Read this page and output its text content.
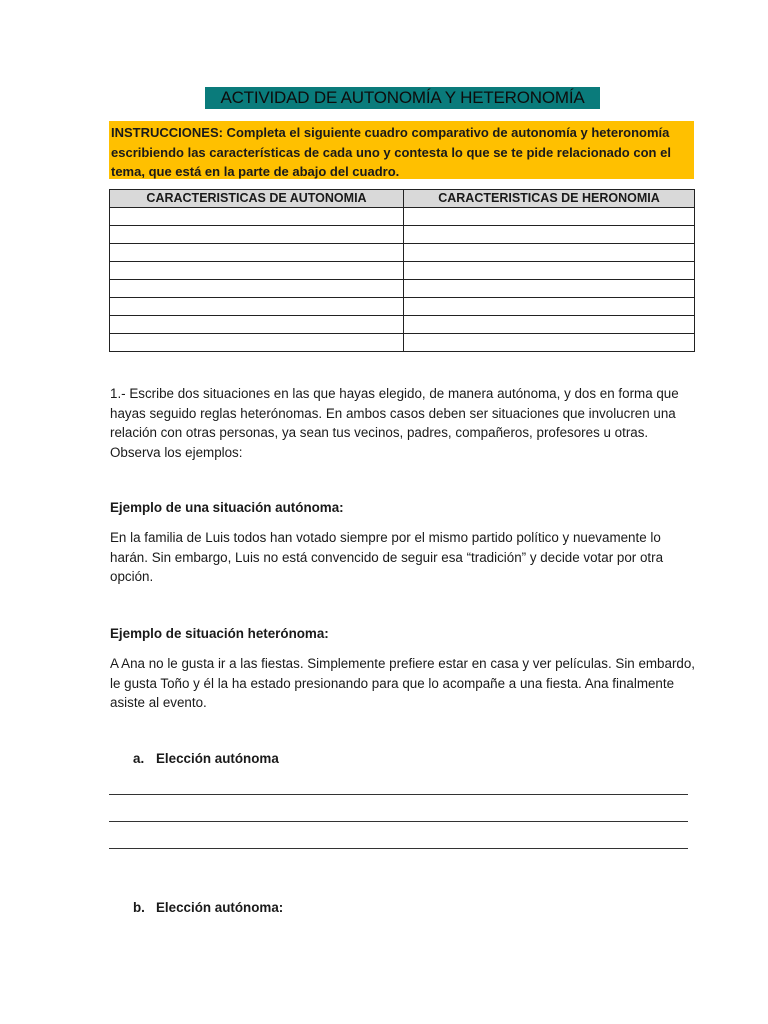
ACTIVIDAD DE AUTONOMÍA Y HETERONOMÍA
INSTRUCCIONES: Completa el siguiente cuadro comparativo de autonomía y heteronomía escribiendo las características de cada uno y contesta lo que se te pide relacionado con el tema, que está en la parte de abajo del cuadro.
CARACTERISTICAS DE AUTONOMIA	CARACTERISTICAS DE HERONOMIA

1.- Escribe dos situaciones en las que hayas elegido, de manera autónoma, y dos en forma que hayas seguido reglas heterónomas. En ambos casos deben ser situaciones que involucren una relación con otras personas, ya sean tus vecinos, padres, compañeros, profesores u otras. Observa los ejemplos:
Ejemplo de una situación autónoma:
En la familia de Luis todos han votado siempre por el mismo partido político y nuevamente lo harán. Sin embargo, Luis no está convencido de seguir esa “tradición” y decide votar por otra opción.
Ejemplo de situación heterónoma:
A Ana no le gusta ir a las fiestas. Simplemente prefiere estar en casa y ver películas. Sin embardo, le gusta Toño y él la ha estado presionando para que lo acompañe a una fiesta. Ana finalmente asiste al evento.
a. Elección autónoma
b. Elección autónoma:
